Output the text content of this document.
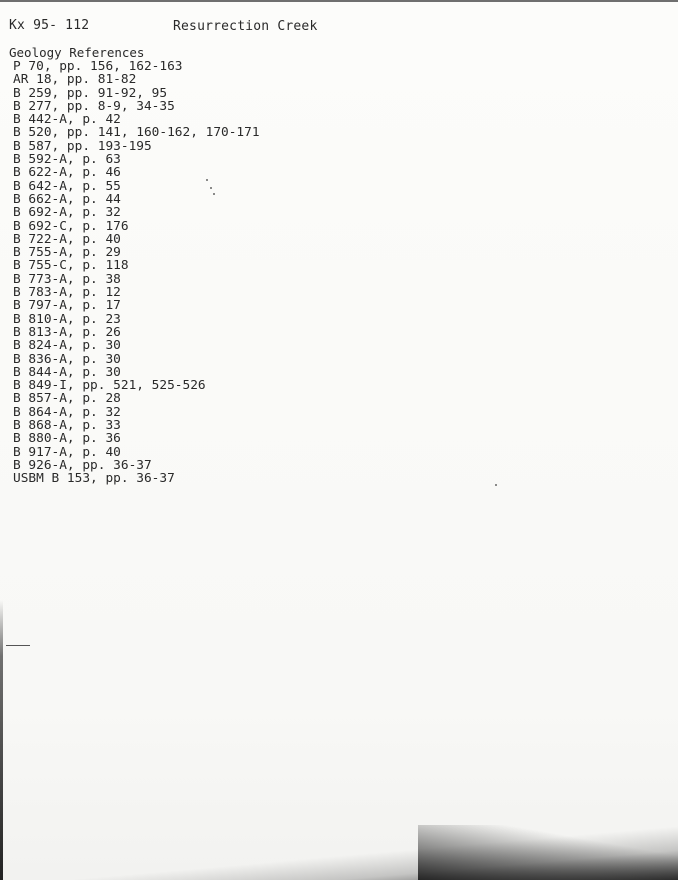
Kx 95- 112	Resurrection Creek
Geology References
P 70, pp. 156, 162-163
AR 18, pp. 81-82
B 259, pp. 91-92, 95
B 277, pp. 8-9, 34-35
B 442-A, p. 42
B 520, pp. 141, 160-162, 170-171
B 587, pp. 193-195
B 592-A, p. 63
B 622-A, p. 46
B 642-A, p. 55
B 662-A, p. 44
B 692-A, p. 32
B 692-C, p. 176
B 722-A, p. 40
B 755-A, p. 29
B 755-C, p. 118
B 773-A, p. 38
B 783-A, p. 12
B 797-A, p. 17
B 810-A, p. 23
B 813-A, p. 26
B 824-A, p. 30
B 836-A, p. 30
B 844-A, p. 30
B 849-I, pp. 521, 525-526
B 857-A, p. 28
B 864-A, p. 32
B 868-A, p. 33
B 880-A, p. 36
B 917-A, p. 40
B 926-A, pp. 36-37
USBM B 153, pp. 36-37
